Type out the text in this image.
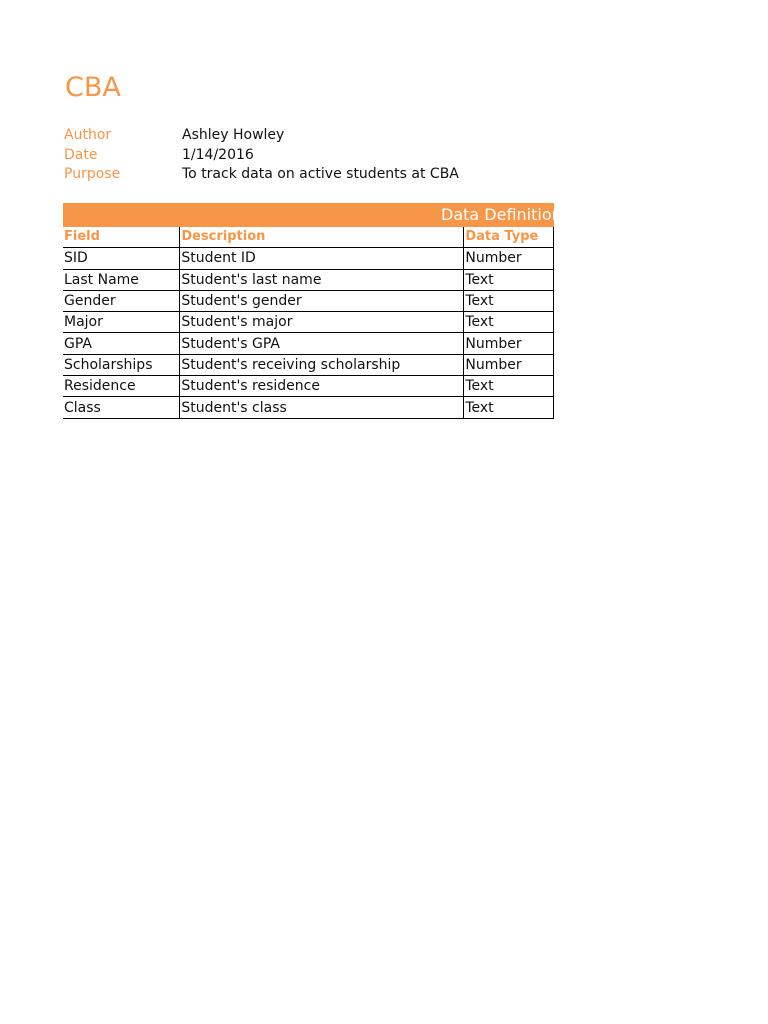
CBA
Author	Ashley Howley
Date	1/14/2016
Purpose	To track data on active students at CBA
Data Definitions
Field	Description	Data Type
SID	Student ID	Number
Last Name	Student's last name	Text
Gender	Student's gender	Text
Major	Student's major	Text
GPA	Student's GPA	Number
Scholarships	Student's receiving scholarship	Number
Residence	Student's residence	Text
Class	Student's class	Text
